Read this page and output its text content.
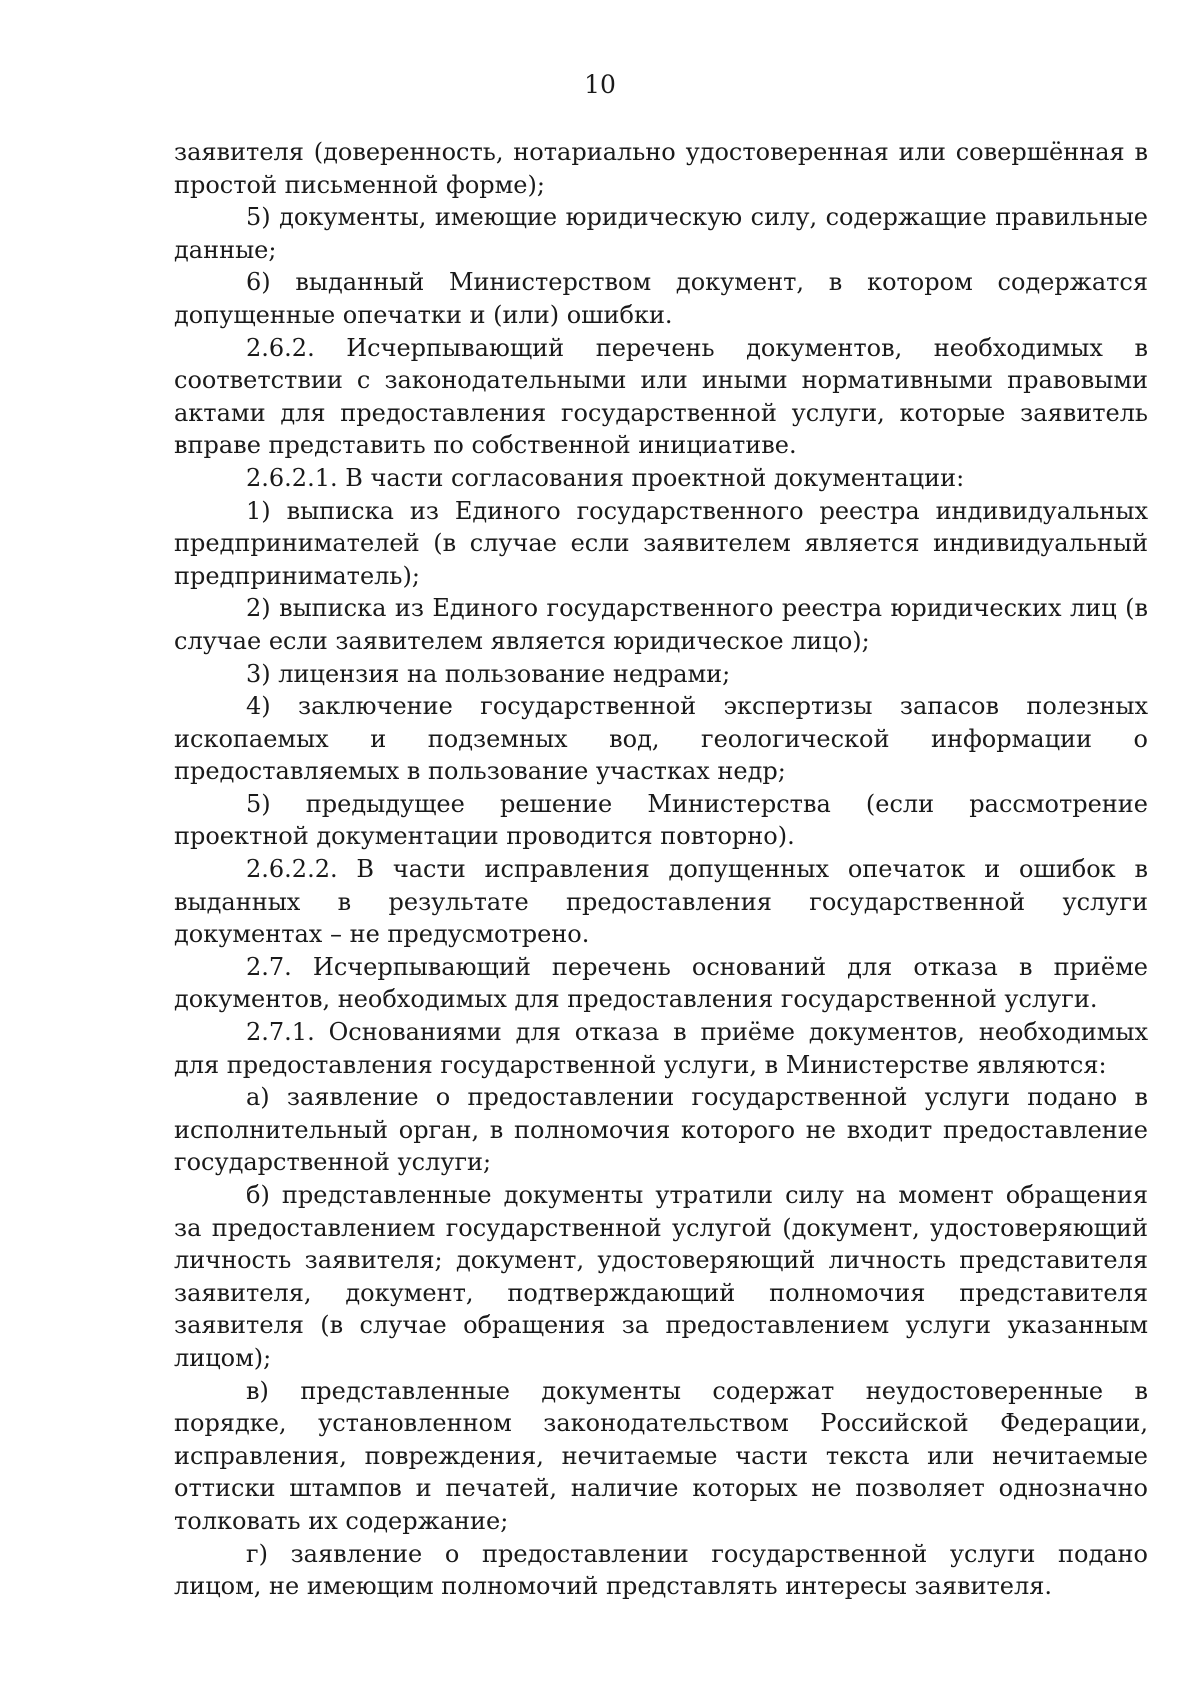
10

заявителя (доверенность, нотариально удостоверенная или совершённая в простой письменной форме);

5) документы, имеющие юридическую силу, содержащие правильные данные;

6) выданный Министерством документ, в котором содержатся допущенные опечатки и (или) ошибки.

2.6.2. Исчерпывающий перечень документов, необходимых в соответствии с законодательными или иными нормативными правовыми актами для предоставления государственной услуги, которые заявитель вправе представить по собственной инициативе.

2.6.2.1. В части согласования проектной документации:

1) выписка из Единого государственного реестра индивидуальных предпринимателей (в случае если заявителем является индивидуальный предприниматель);

2) выписка из Единого государственного реестра юридических лиц (в случае если заявителем является юридическое лицо);

3) лицензия на пользование недрами;

4) заключение государственной экспертизы запасов полезных ископаемых и подземных вод, геологической информации о предоставляемых в пользование участках недр;

5) предыдущее решение Министерства (если рассмотрение проектной документации проводится повторно).

2.6.2.2. В части исправления допущенных опечаток и ошибок в выданных в результате предоставления государственной услуги документах – не предусмотрено.

2.7. Исчерпывающий перечень оснований для отказа в приёме документов, необходимых для предоставления государственной услуги.

2.7.1. Основаниями для отказа в приёме документов, необходимых для предоставления государственной услуги, в Министерстве являются:

а) заявление о предоставлении государственной услуги подано в исполнительный орган, в полномочия которого не входит предоставление государственной услуги;

б) представленные документы утратили силу на момент обращения за предоставлением государственной услугой (документ, удостоверяющий личность заявителя; документ, удостоверяющий личность представителя заявителя, документ, подтверждающий полномочия представителя заявителя (в случае обращения за предоставлением услуги указанным лицом);

в) представленные документы содержат неудостоверенные в порядке, установленном законодательством Российской Федерации, исправления, повреждения, нечитаемые части текста или нечитаемые оттиски штампов и печатей, наличие которых не позволяет однозначно толковать их содержание;

г) заявление о предоставлении государственной услуги подано лицом, не имеющим полномочий представлять интересы заявителя.
